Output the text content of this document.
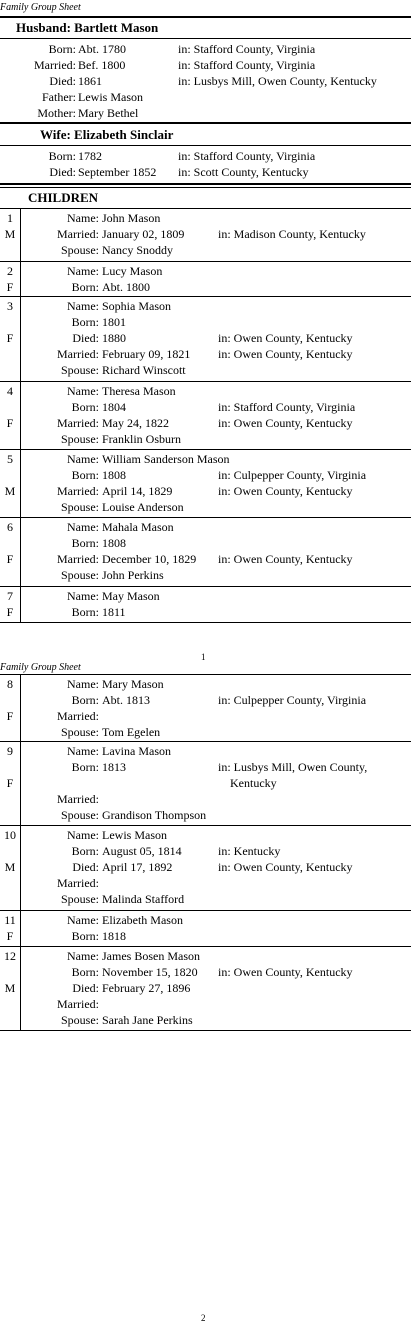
Family Group Sheet
Husband: Bartlett Mason
Born: Abt. 1780	in: Stafford County, Virginia
Married: Bef. 1800	in: Stafford County, Virginia
Died: 1861	in: Lusbys Mill, Owen County, Kentucky
Father: Lewis Mason
Mother: Mary Bethel
Wife: Elizabeth Sinclair
Born: 1782	in: Stafford County, Virginia
Died: September 1852 in: Scott County, Kentucky
CHILDREN
1
M
Name: John Mason
Married: January 02, 1809	in: Madison County, Kentucky
Spouse: Nancy Snoddy
2
F
Name: Lucy Mason
Born: Abt. 1800
3
F
Name: Sophia Mason
Born: 1801
Died: 1880	in: Owen County, Kentucky
Married: February 09, 1821 in: Owen County, Kentucky
Spouse: Richard Winscott
4
F
Name: Theresa Mason
Born: 1804	in: Stafford County, Virginia
Married: May 24, 1822	in: Owen County, Kentucky
Spouse: Franklin Osburn
5
M
Name: William Sanderson Mason
Born: 1808	in: Culpepper County, Virginia
Married: April 14, 1829	in: Owen County, Kentucky
Spouse: Louise Anderson
6
F
Name: Mahala Mason
Born: 1808
Married: December 10, 1829 in: Owen County, Kentucky
Spouse: John Perkins
7
F
Name: May Mason
Born: 1811
8
F
Name: Mary Mason
Born: Abt. 1813	in: Culpepper County, Virginia
Married:
Spouse: Tom Egelen
9
F
Name: Lavina Mason
Born: 1813	in: Lusbys Mill, Owen County,
Kentucky
Married:
Spouse: Grandison Thompson
10
M
Name: Lewis Mason
Born: August 05, 1814	in: Kentucky
Died: April 17, 1892	in: Owen County, Kentucky
Married:
Spouse: Malinda Stafford
11
F
Name: Elizabeth Mason
Born: 1818
12
M
Name: James Bosen Mason
Born: November 15, 1820 in: Owen County, Kentucky
Died: February 27, 1896
Married:
Spouse: Sarah Jane Perkins
1
Family Group Sheet
2
